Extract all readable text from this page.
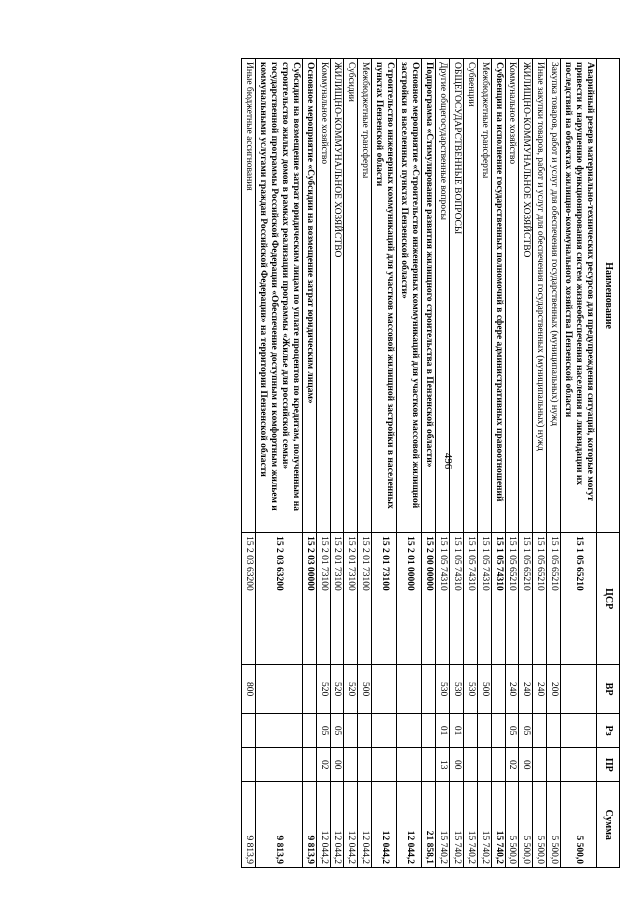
496
Наименование	ЦСР	ВР	Рз	ПР	Сумма
Аварийный резерв материально-технических ресурсов для предупреждения ситуаций, которые могут привести к нарушению функционирования систем жизнеобеспечения населения и ликвидации их последствий на объектах жилищно-коммунального хозяйства Пензенской области	15 1 05 65210				5 500,0
Закупка товаров, работ и услуг для обеспечения государственных (муниципальных) нужд	15 1 05 65210	200			5 500,0
Иные закупки товаров, работ и услуг для обеспечения государственных (муниципальных) нужд	15 1 05 65210	240			5 500,0
ЖИЛИЩНО-КОММУНАЛЬНОЕ ХОЗЯЙСТВО	15 1 05 65210	240	05	00	5 500,0
Коммунальное хозяйство	15 1 05 65210	240	05	02	5 500,0
Субвенции на исполнение государственных полномочий в сфере административных правоотношений	15 1 05 74310				15 740,2
Межбюджетные трансферты	15 1 05 74310	500			15 740,2
Субвенции	15 1 05 74310	530			15 740,2
ОБЩЕГОСУДАРСТВЕННЫЕ ВОПРОСЫ	15 1 05 74310	530	01	00	15 740,2
Другие общегосударственные вопросы	15 1 05 74310	530	01	13	15 740,2
Подпрограмма «Стимулирование развития жилищного строительства в Пензенской области»	15 2 00 00000				21 858,1
Основное мероприятие «Строительство инженерных коммуникаций для участков массовой жилищной застройки в населенных пунктах Пензенской области»	15 2 01 00000				12 044,2
Строительство инженерных коммуникаций для участков массовой жилищной застройки в населенных пунктах Пензенской области	15 2 01 73100				12 044,2
Межбюджетные трансферты	15 2 01 73100	500			12 044,2
Субсидии	15 2 01 73100	520			12 044,2
ЖИЛИЩНО-КОММУНАЛЬНОЕ ХОЗЯЙСТВО	15 2 01 73100	520	05	00	12 044,2
Коммунальное хозяйство	15 2 01 73100	520	05	02	12 044,2
Основное мероприятие «Субсидии на возмещение затрат юридическим лицам»	15 2 03 00000				9 813,9
Субсидии на возмещение затрат юридическим лицам по уплате процентов по кредитам, полученным на строительство жилых домов в рамках реализации программы «Жилье для российской семьи» государственной программы Российской Федерации «Обеспечение доступным и комфортным жильем и коммунальными услугами граждан Российской Федерации» на территории Пензенской области	15 2 03 63200				9 813,9
Иные бюджетные ассигнования	15 2 03 63200	800			9 813,9
